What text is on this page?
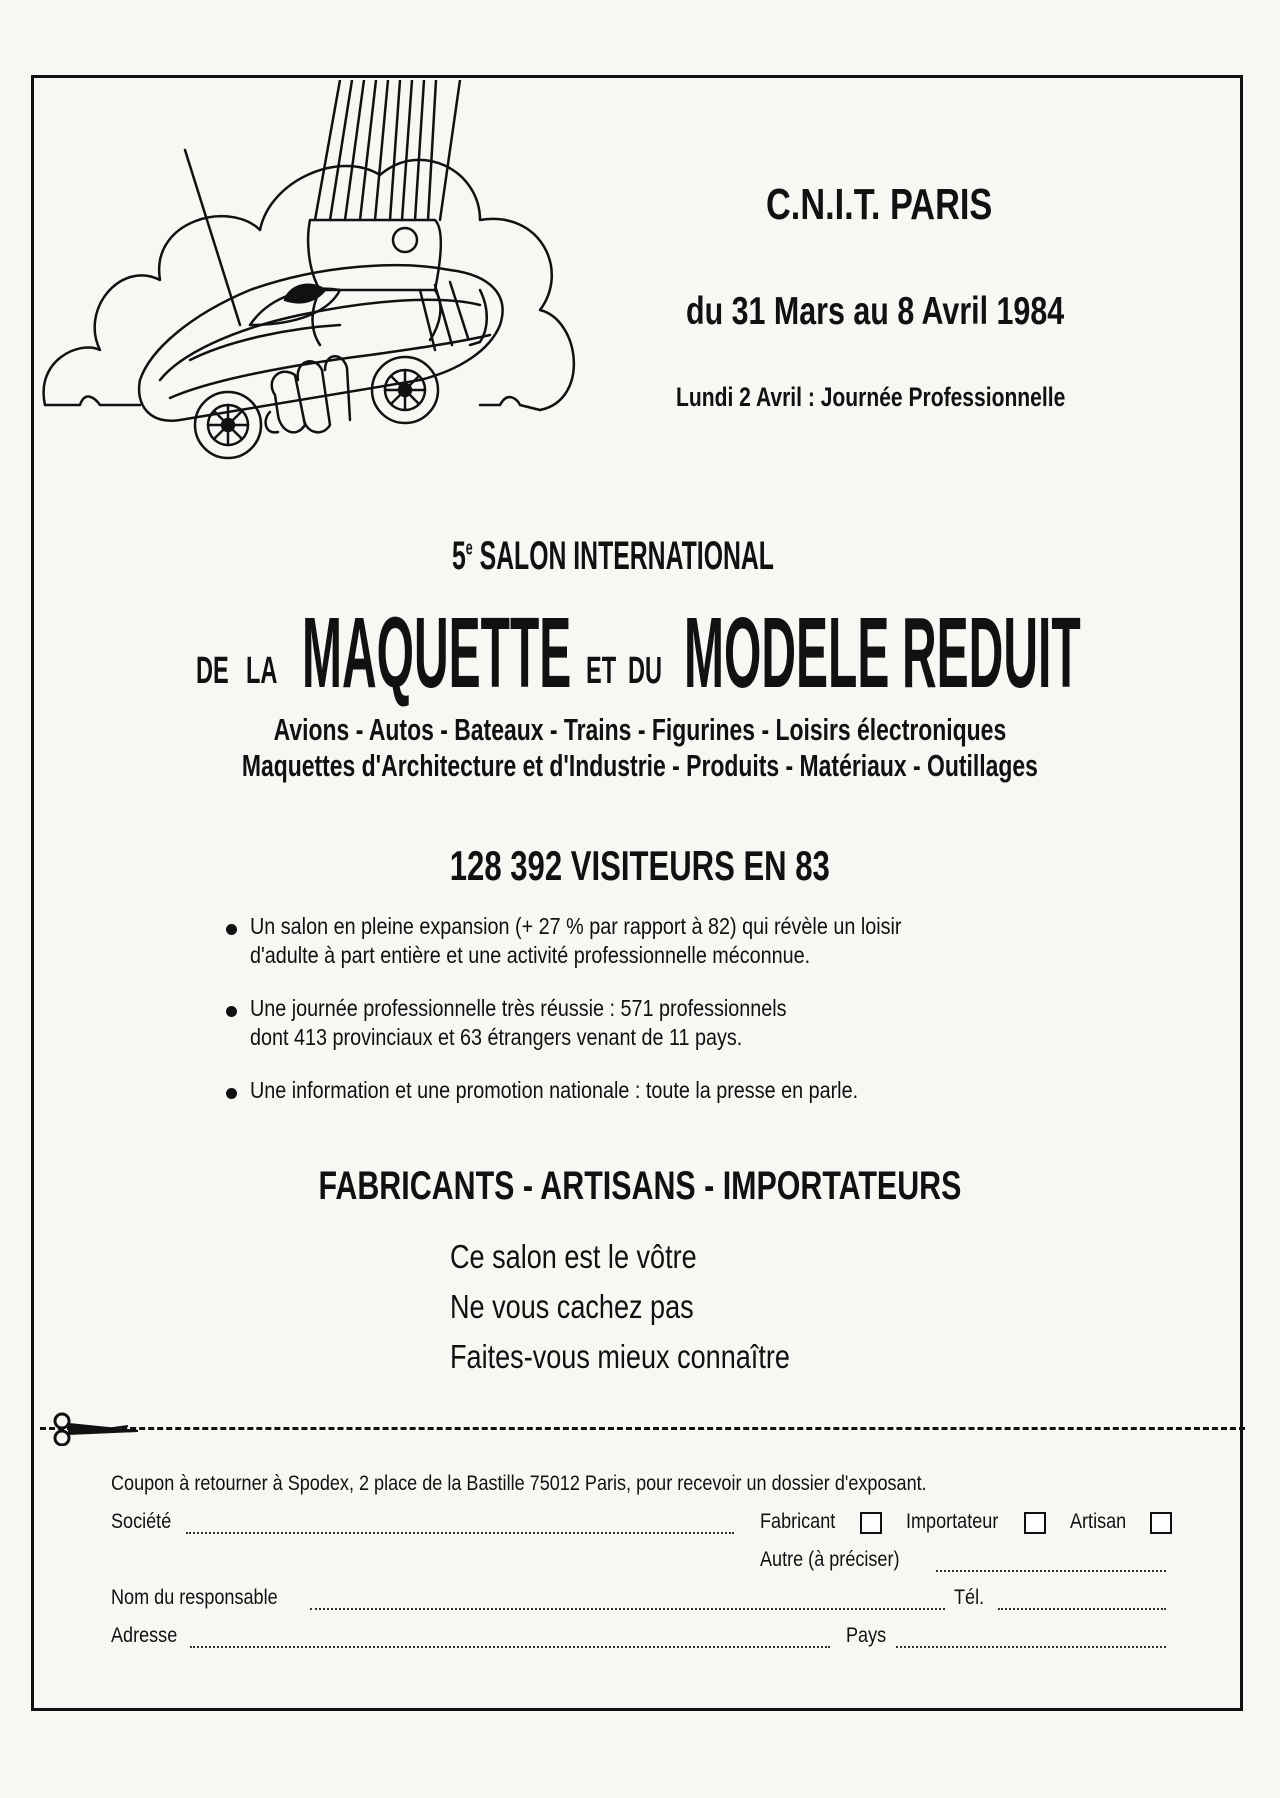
C.N.I.T. PARIS
du 31 Mars au 8 Avril 1984
Lundi 2 Avril : Journée Professionnelle
5e SALON INTERNATIONAL
DE LA MAQUETTE ET DU MODELE REDUIT
Avions - Autos - Bateaux - Trains - Figurines - Loisirs électroniques
Maquettes d'Architecture et d'Industrie - Produits - Matériaux - Outillages
128 392 VISITEURS EN 83
Un salon en pleine expansion (+ 27 % par rapport à 82) qui révèle un loisir
d'adulte à part entière et une activité professionnelle méconnue.
Une journée professionnelle très réussie : 571 professionnels
dont 413 provinciaux et 63 étrangers venant de 11 pays.
Une information et une promotion nationale : toute la presse en parle.
FABRICANTS - ARTISANS - IMPORTATEURS
Ce salon est le vôtre
Ne vous cachez pas
Faites-vous mieux connaître
Coupon à retourner à Spodex, 2 place de la Bastille 75012 Paris, pour recevoir un dossier d'exposant.
Société	Fabricant	Importateur	Artisan
Autre (à préciser)
Nom du responsable	Tél.
Adresse	Pays
